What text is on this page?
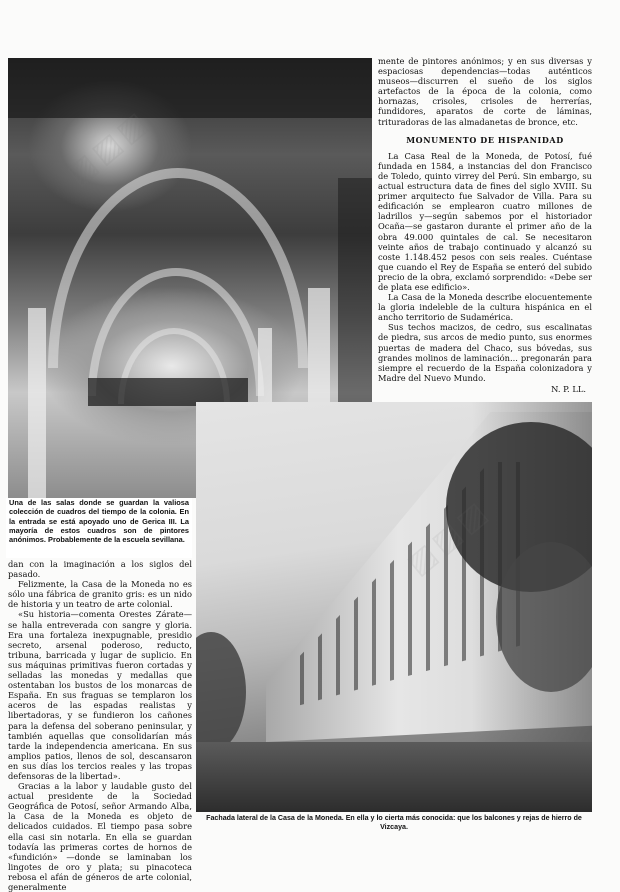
Una de las salas donde se guardan la valiosa colección de cuadros del tiempo de la colonia. En la entrada se está apoyado uno de Gerica III. La mayoría de estos cuadros son de pintores anónimos. Probablemente de la escuela sevillana.

mente de pintores anónimos; y en sus diversas y espaciosas dependencias—todas auténticos museos—discurren el sueño de los siglos artefactos de la época de la colonia, como hornazas, crisoles, crisoles de herrerías, fundidores, aparatos de corte de láminas, trituradoras de las almadanetas de bronce, etc.

MONUMENTO DE HISPANIDAD

La Casa Real de la Moneda, de Potosí, fué fundada en 1584, a instancias del don Francisco de Toledo, quinto virrey del Perú. Sin embargo, su actual estructura data de fines del siglo XVIII. Su primer arquitecto fue Salvador de Villa. Para su edificación se emplearon cuatro millones de ladrillos y—según sabemos por el historiador Ocaña—se gastaron durante el primer año de la obra 49.000 quintales de cal. Se necesitaron veinte años de trabajo continuado y alcanzó su coste 1.148.452 pesos con seis reales. Cuéntase que cuando el Rey de España se enteró del subido precio de la obra, exclamó sorprendido: «Debe ser de plata ese edificio».

La Casa de la Moneda describe elocuentemente la gloria indeleble de la cultura hispánica en el ancho territorio de Sudamérica.

Sus techos macizos, de cedro, sus escalinatas de piedra, sus arcos de medio punto, sus enormes puertas de madera del Chaco, sus bóvedas, sus grandes molinos de laminación... pregonarán para siempre el recuerdo de la España colonizadora y Madre del Nuevo Mundo.

N. P. LL.
Fachada lateral de la Casa de la Moneda. En ella y lo cierta más conocida: que los balcones y rejas de hierro de Vizcaya.

dan con la imaginación a los siglos del pasado.

Felizmente, la Casa de la Moneda no es sólo una fábrica de granito gris: es un nido de historia y un teatro de arte colonial.

«Su historia—comenta Orestes Zárate—se halla entreverada con sangre y gloria. Era una fortaleza inexpugnable, presidio secreto, arsenal poderoso, reducto, tribuna, barricada y lugar de suplicio. En sus máquinas primitivas fueron cortadas y selladas las monedas y medallas que ostentaban los bustos de los monarcas de España. En sus fraguas se templaron los aceros de las espadas realistas y libertadoras, y se fundieron los cañones para la defensa del soberano peninsular, y también aquellas que consolidarían más tarde la independencia americana. En sus amplios patios, llenos de sol, descansaron en sus días los tercios reales y las tropas defensoras de la libertad».

Gracias a la labor y laudable gusto del actual presidente de la Sociedad Geográfica de Potosí, señor Armando Alba, la Casa de la Moneda es objeto de delicados cuidados. El tiempo pasa sobre ella casi sin notarla. En ella se guardan todavía las primeras cortes de hornos de «fundición» —donde se laminaban los lingotes de oro y plata; su pinacoteca rebosa el afán de géneros de arte colonial, generalmente
